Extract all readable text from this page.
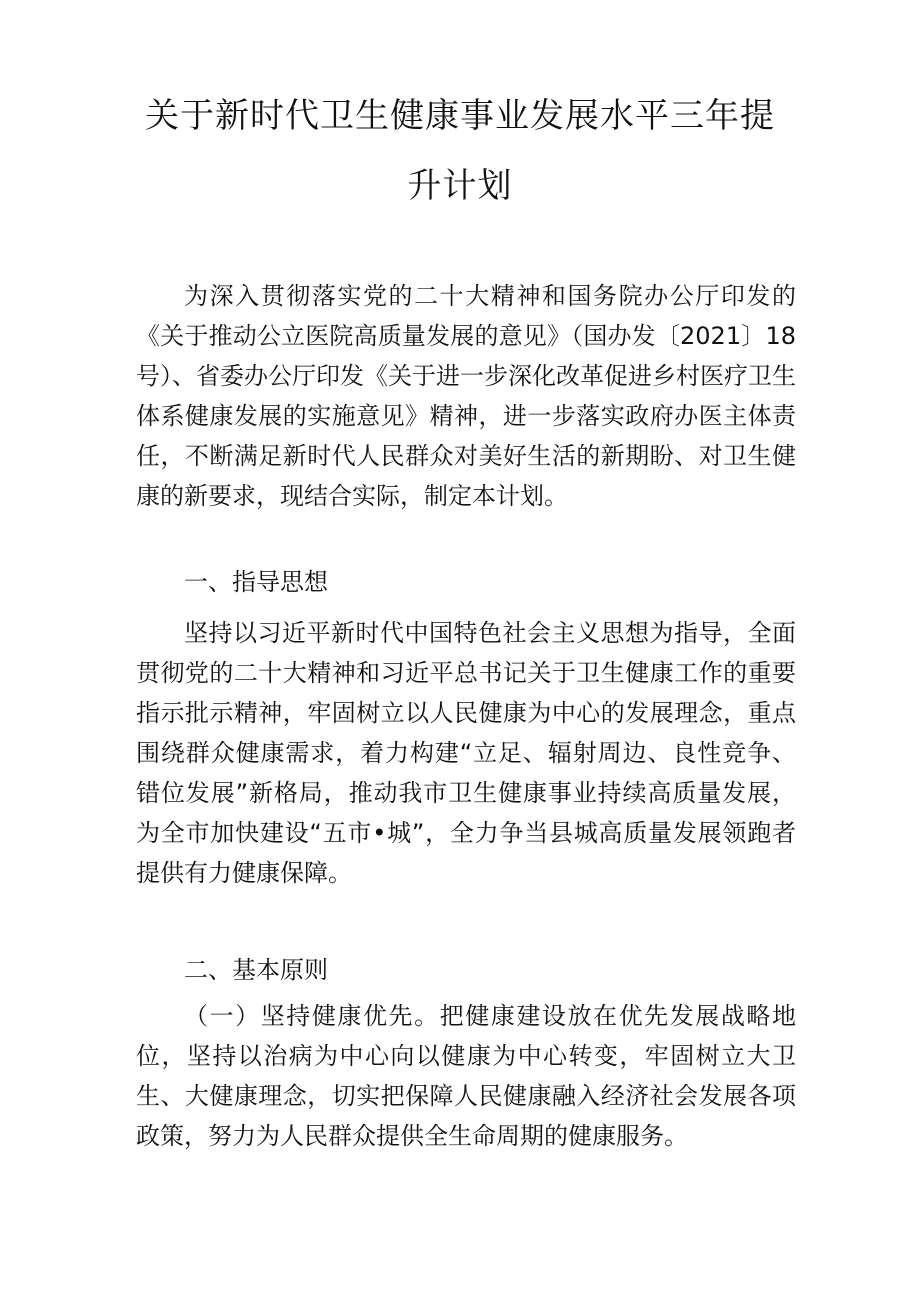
关于新时代卫生健康事业发展水平三年提
升计划
为深入贯彻落实党的二十大精神和国务院办公厅印发的《关于推动公立医院高质量发展的意见》（国办发〔2021〕18号）、省委办公厅印发《关于进一步深化改革促进乡村医疗卫生体系健康发展的实施意见》精神，进一步落实政府办医主体责任，不断满足新时代人民群众对美好生活的新期盼、对卫生健康的新要求，现结合实际，制定本计划。
一、指导思想
坚持以习近平新时代中国特色社会主义思想为指导，全面贯彻党的二十大精神和习近平总书记关于卫生健康工作的重要指示批示精神，牢固树立以人民健康为中心的发展理念，重点围绕群众健康需求，着力构建“立足、辐射周边、良性竞争、错位发展”新格局，推动我市卫生健康事业持续高质量发展，为全市加快建设“五市•城”，全力争当县城高质量发展领跑者提供有力健康保障。
二、基本原则
（一）坚持健康优先。把健康建设放在优先发展战略地位，坚持以治病为中心向以健康为中心转变，牢固树立大卫生、大健康理念，切实把保障人民健康融入经济社会发展各项政策，努力为人民群众提供全生命周期的健康服务。
